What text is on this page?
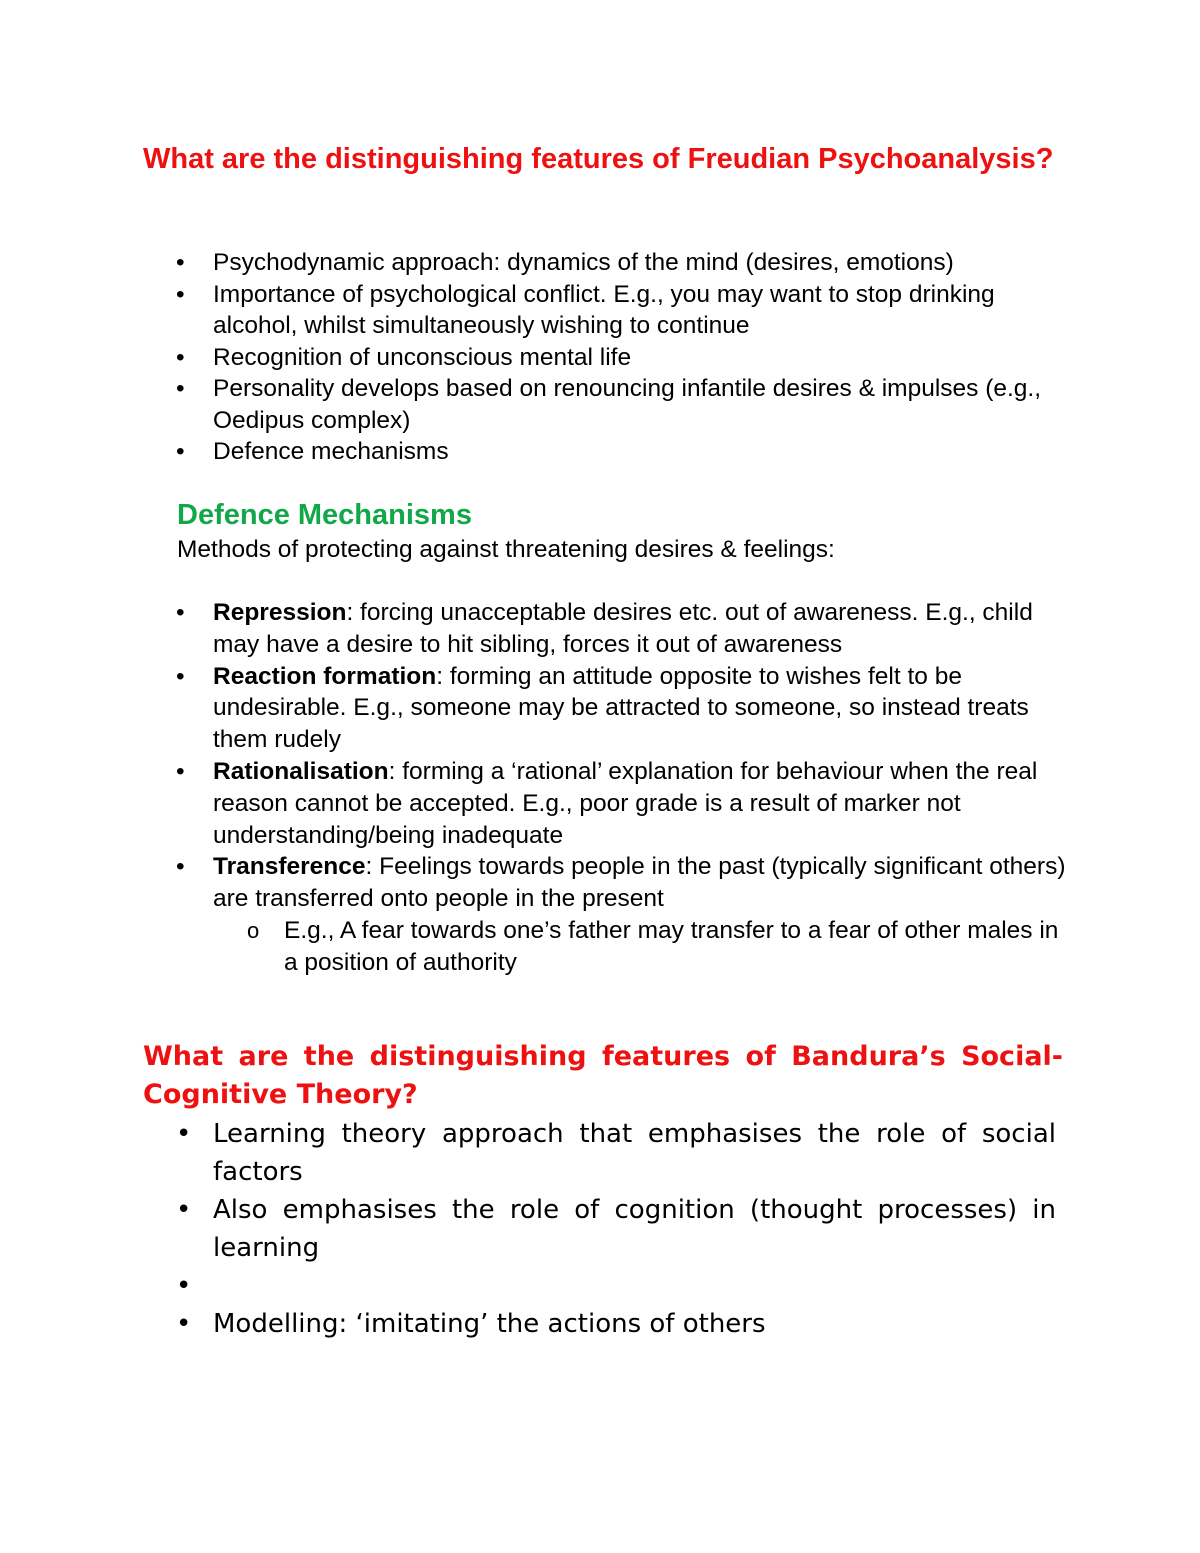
What are the distinguishing features of Freudian Psychoanalysis?
• Psychodynamic approach: dynamics of the mind (desires, emotions)
• Importance of psychological conflict. E.g., you may want to stop drinking alcohol, whilst simultaneously wishing to continue
• Recognition of unconscious mental life
• Personality develops based on renouncing infantile desires & impulses (e.g., Oedipus complex)
• Defence mechanisms
Defence Mechanisms
Methods of protecting against threatening desires & feelings:
• Repression: forcing unacceptable desires etc. out of awareness. E.g., child may have a desire to hit sibling, forces it out of awareness
• Reaction formation: forming an attitude opposite to wishes felt to be undesirable. E.g., someone may be attracted to someone, so instead treats them rudely
• Rationalisation: forming a ‘rational’ explanation for behaviour when the real reason cannot be accepted. E.g., poor grade is a result of marker not understanding/being inadequate
• Transference: Feelings towards people in the past (typically significant others) are transferred onto people in the present
o E.g., A fear towards one’s father may transfer to a fear of other males in a position of authority
What are the distinguishing features of Bandura’s Social-Cognitive Theory?
• Learning theory approach that emphasises the role of social factors
• Also emphasises the role of cognition (thought processes) in learning
•

• Modelling: ‘imitating’ the actions of others
